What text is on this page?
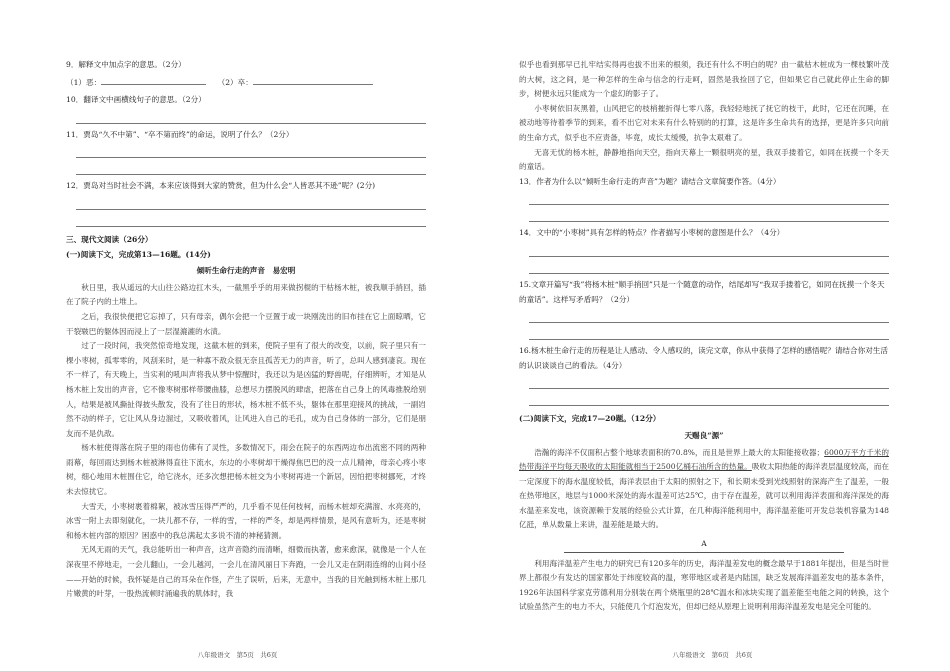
9．解释文中加点字的意思。（2分）
（1）恶：　　	（2）卒：
10．翻译文中画横线句子的意思。（2分）
11．贾岛“久不中第”、“卒不第而终”的命运，说明了什么？（2分）
12．贾岛对当时社会不满，本来应该得到大家的赞赏，但为什么会“人皆恶其不逊”呢？(2分)
三、现代文阅读（26分）
(一)阅读下文，完成第13—16题。(14分)
倾听生命行走的声音　易宏明
秋日里，我从遥远的大山往公路边扛木头，一截黑乎乎的用来做拐棍的干枯杨木桩，被我顺手捎回，插在了院子内的土堆上。
之后，我很快便把它忘掉了，只有母亲，偶尔会把一个豆置于或一块刚洗出的旧布挂在它上面晾晒，它干裂皲巴的躯体因而浸上了一层湿漉漉的水渍。
过了一段时间，我突然惊奇地发现，这截木桩的到来，使院子里有了很大的改变，以前，院子里只有一棵小枣树，孤零零的，风刮来时，是一种寡不敌众很无奈且孤苦无力的声音，听了，总叫人感到凄哀。现在不一样了，有天晚上，当实利的吼叫声将我从梦中惊醒时，我还以为是凶猛的野兽呢，仔细辨听，才知是从杨木桩上发出的声音，它不像枣树那样带腰曲膝，总想尽力摆脱风的肆虐，把落在自己身上的风毒推脱给别人，结果是被风撕扯得披头散发，没有了往日的形状，杨木桩不低不头，躯体在那里迎接风的挑战，一副岿然不动的样子，它让风从身边溜过，又吸收着风，让风进入自己的毛孔，成为自己身体的一部分，它们是朋友而不是仇敌。
杨木桩使得落在院子里的雨也仿佛有了灵性，多数情况下，雨会在院子的东西两边布出流密不同的两种雨幕，每回雨达到杨木桩被淋得直往下流水，东边的小枣树却干燥得焦巴巴的没一点儿精神，母亲心疼小枣树，细心地用木桩围住它，给它浇水，还多次想把杨木桩交为小枣树再进一个新居，因怕把枣树挪死，才终未去惊扰它。
大雪天，小枣树裹着棉絮，被冰雪压得严严的，几乎看不见任何枝柯，而杨木桩却充满溜、水亮亮的，冰雪一附上去即刻就化，一块儿都不存，一样的雪，一样的严冬，却是两样情景，是风有意听为，还是枣树和杨木桩内部的原因？困惑中的我总满起太多说不清的神秘猜测。
无风无雨的天气，我总能听出一种声音，这声音隐约而清晰，细微而执著，愈来愈深，就像是一个人在深夜里不停地走，一会儿翻山，一会儿越河，一会儿在清风丽日下奔跑，一会儿又走在阴雨连绵的山间小径——开始的时候，我怀疑是自己的耳朵在作怪，产生了误听，后来，无意中，当我的目光触到杨木桩上那几片嫩黄的叶芽，一股热流顿时涌遍我的肌体时，我
八年级语文　第5页　共6页
似乎也看到那早已扎牢结实得再也拔不出来的根须，我还有什么不明白的呢？由一截枯木桩成为一棵枝繁叶茂的大树，这之间，是一种怎样的生命与信念的行走呵，固然是我捡回了它，但如果它自己就此停止生命的脚步，树便永远只能成为一个虚幻的影子了。
小枣树依旧灰黑着，山风把它的枝梢摧折得七零八落，我轻轻地抚了抚它的枝干，此时，它还在沉睡，在被动地等待着季节的到来，看不出它对未来有什么特别的的打算，这是许多生命共有的选择，更是许多只向前的生命方式，似乎也不应责备，毕竟，成长太缓慢，抗争太艰难了。
无喜无忧的杨木桩，静静地指向天空，指向天幕上一颗很明亮的星，我双手搂着它，如同在抚摸一个冬天的童话。
13．作者为什么以“倾听生命行走的声音”为题？请结合文章简要作答。（4分）
14．文中的“小枣树”具有怎样的特点？作者描写小枣树的意图是什么？（4分）
15.文章开篇写“我”将杨木桩“顺手捎回”只是一个随意的动作，结尾却写“我双手搂着它，如同在抚摸一个冬天的童话”。这样写矛盾吗？（2分）
16.杨木桩生命行走的历程是让人感动、令人感叹的，读完文章，你从中获得了怎样的感悟呢？请结合你对生活的认识谈谈自己的看法。（4分）
(二)阅读下文，完成17—20题。（12分）
天赐良“源”
浩瀚的海洋不仅面积占整个地球表面积的70.8%，而且是世界上最大的太阳能接收器；6000万平方千米的热带海洋平均每天吸收的太阳能就相当于2500亿桶石油所含的热量。吸收太阳热能的海洋表层温度较高，而在一定深度下的海水温度较低，海洋表层由于太阳的照射之下，和长期未受到光线照射的深海产生了温差，一般在热带地区，地层与1000米深处的海水温差可达25℃，由于存在温差，就可以利用海洋表面和海洋深处的海水温差来发电，该资源赖于发展的经验公式计算，在几种海洋能利用中，海洋温差能可开发总装机容量为148亿瓩，单从数量上来讲，温差能是最大的。
A
利用海洋温差产生电力的研究已有120多年的历史，海洋温差发电的概念最早于1881年提出，但是当时世界上都很少有发达的国家都处于纬度较高的温，寒带地区或者是内陆国，缺乏发展海洋温差发电的基本条件，1926年法国科学家克劳德利用分别装在两个烧瓶里的28℃温水和冰块实现了温差能至电能之间的转换，这个试验虽然产生的电力不大，只能使几个灯泡发光，但却已经从原理上说明利用海洋温差发电是完全可能的。
八年级语文　第6页　共6页
